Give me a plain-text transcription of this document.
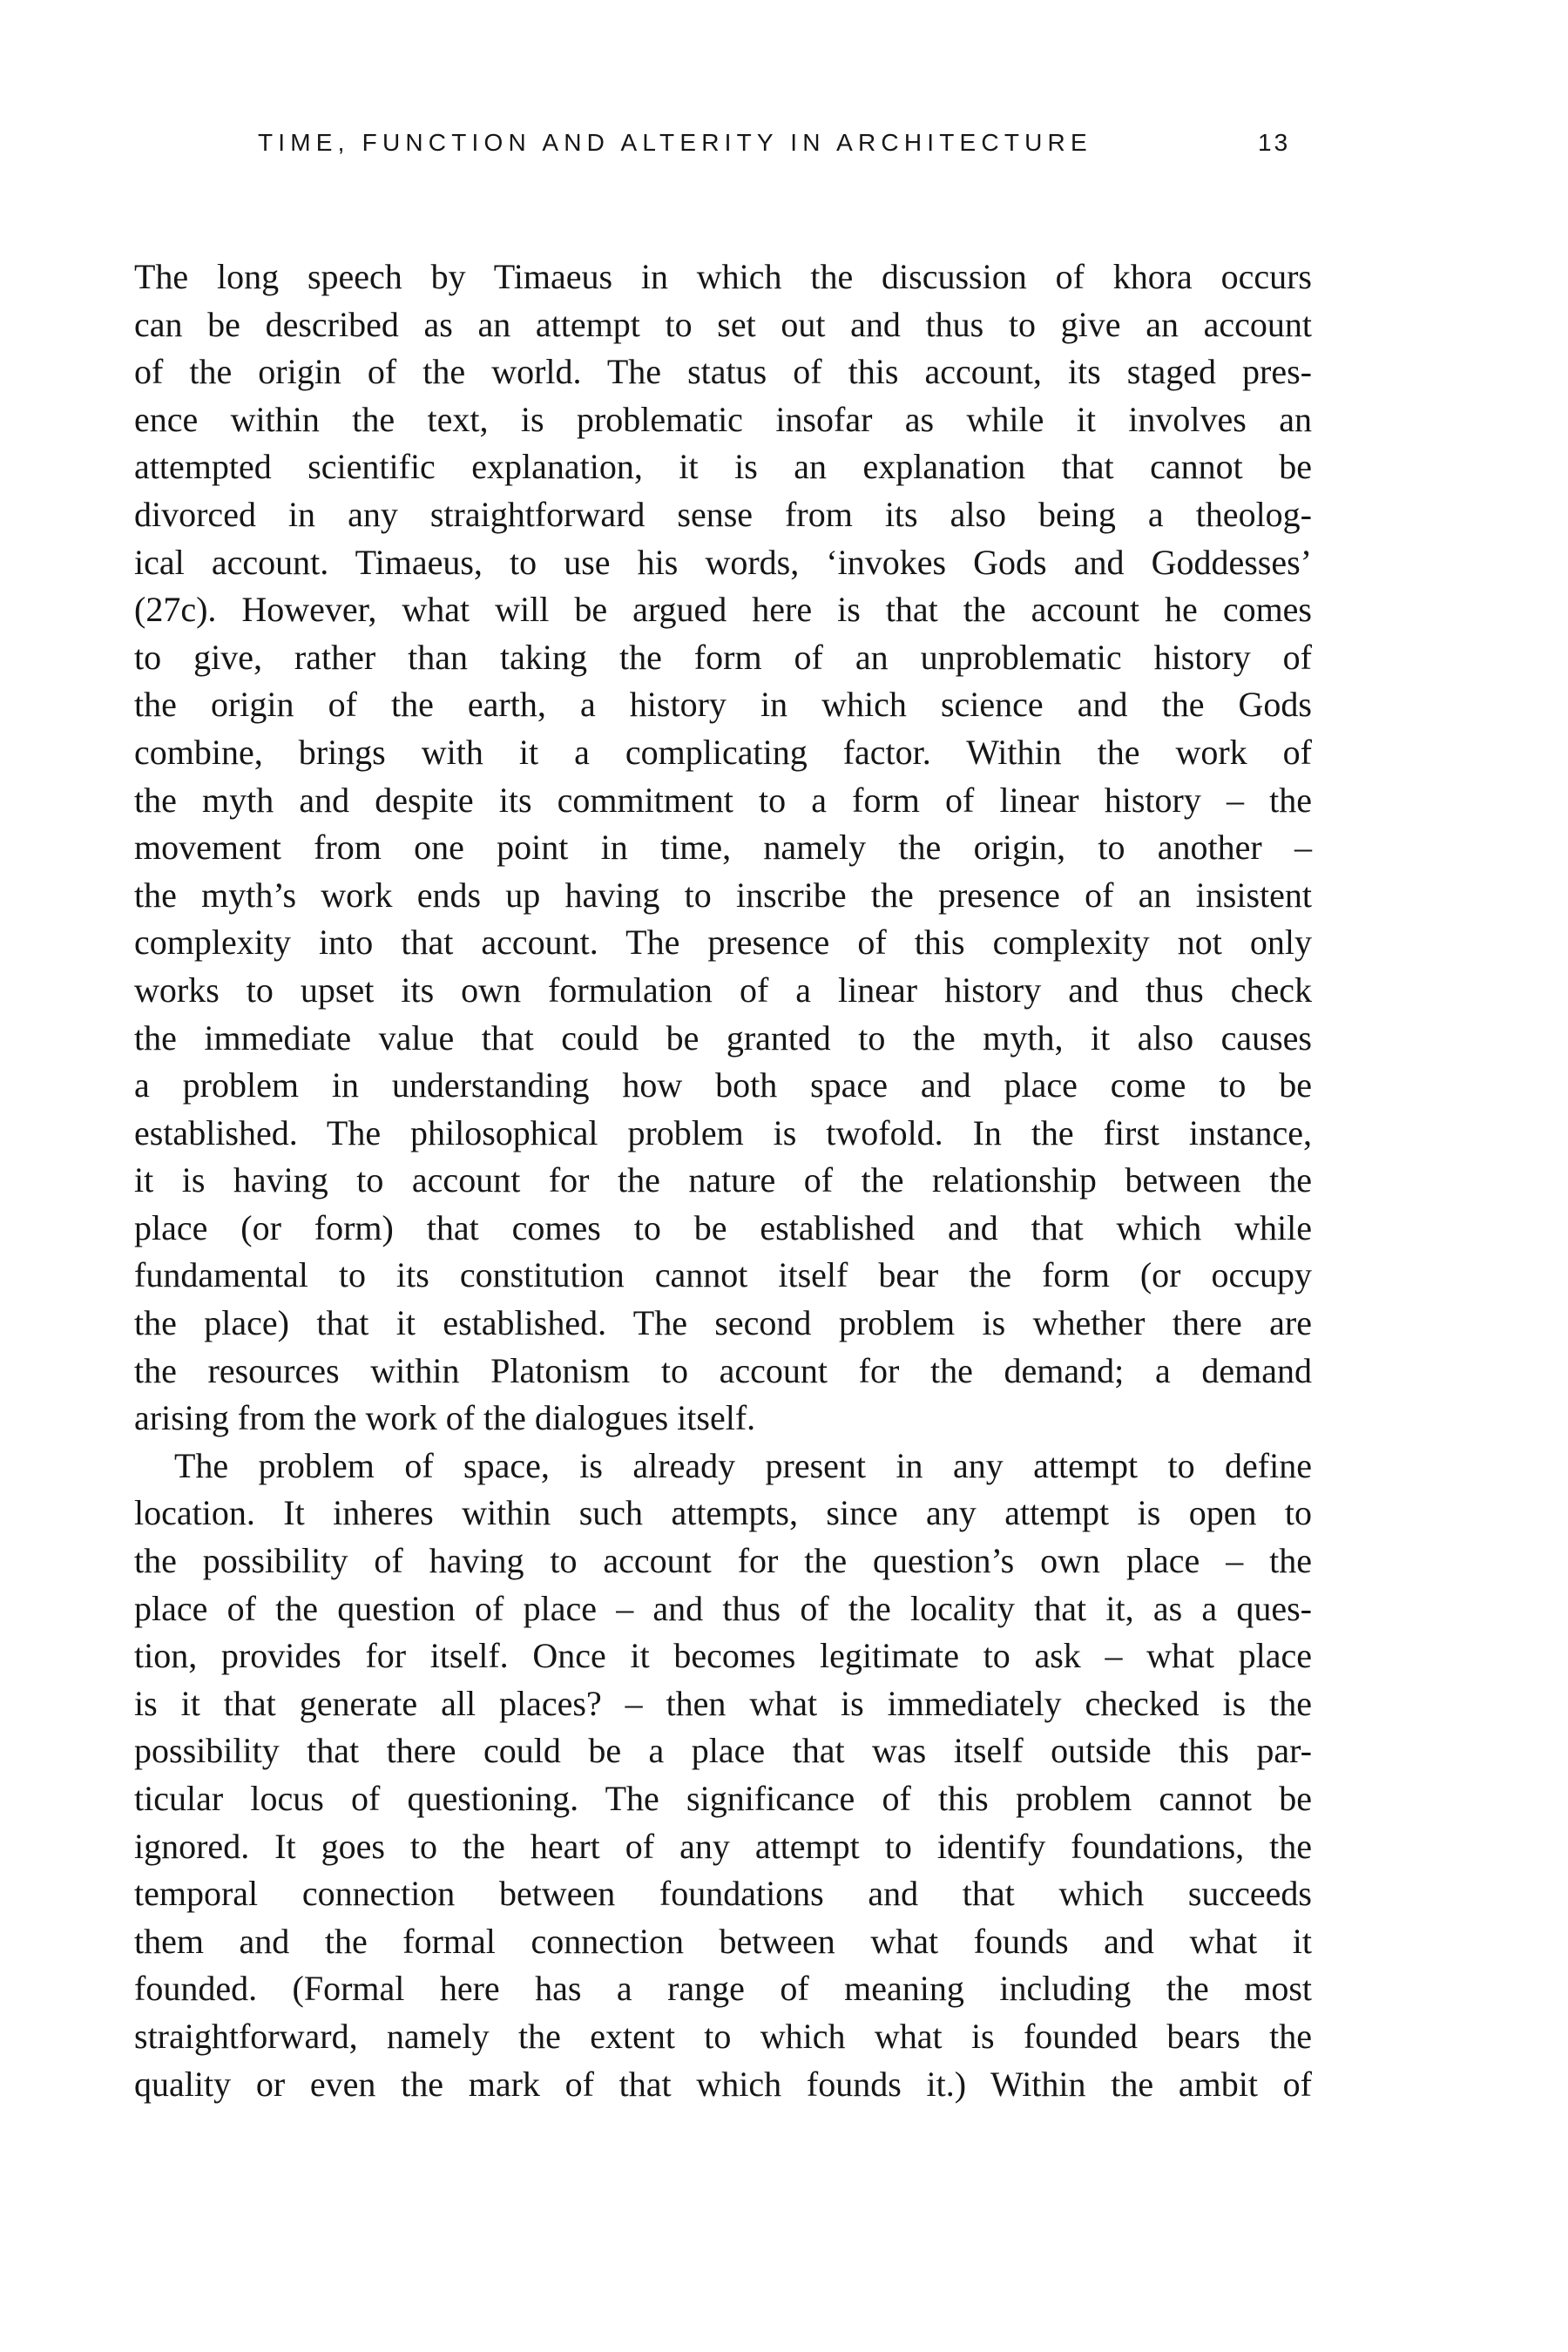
TIME, FUNCTION AND ALTERITY IN ARCHITECTURE	13
The long speech by Timaeus in which the discussion of khora occurs
can be described as an attempt to set out and thus to give an account
of the origin of the world. The status of this account, its staged pres-
ence within the text, is problematic insofar as while it involves an
attempted scientific explanation, it is an explanation that cannot be
divorced in any straightforward sense from its also being a theolog-
ical account. Timaeus, to use his words, ‘invokes Gods and Goddesses’
(27c). However, what will be argued here is that the account he comes
to give, rather than taking the form of an unproblematic history of
the origin of the earth, a history in which science and the Gods
combine, brings with it a complicating factor. Within the work of
the myth and despite its commitment to a form of linear history – the
movement from one point in time, namely the origin, to another –
the myth’s work ends up having to inscribe the presence of an insistent
complexity into that account. The presence of this complexity not only
works to upset its own formulation of a linear history and thus check
the immediate value that could be granted to the myth, it also causes
a problem in understanding how both space and place come to be
established. The philosophical problem is twofold. In the first instance,
it is having to account for the nature of the relationship between the
place (or form) that comes to be established and that which while
fundamental to its constitution cannot itself bear the form (or occupy
the place) that it established. The second problem is whether there are
the resources within Platonism to account for the demand; a demand
arising from the work of the dialogues itself.
The problem of space, is already present in any attempt to define
location. It inheres within such attempts, since any attempt is open to
the possibility of having to account for the question’s own place – the
place of the question of place – and thus of the locality that it, as a ques-
tion, provides for itself. Once it becomes legitimate to ask – what place
is it that generate all places? – then what is immediately checked is the
possibility that there could be a place that was itself outside this par-
ticular locus of questioning. The significance of this problem cannot be
ignored. It goes to the heart of any attempt to identify foundations, the
temporal connection between foundations and that which succeeds
them and the formal connection between what founds and what it
founded. (Formal here has a range of meaning including the most
straightforward, namely the extent to which what is founded bears the
quality or even the mark of that which founds it.) Within the ambit of
